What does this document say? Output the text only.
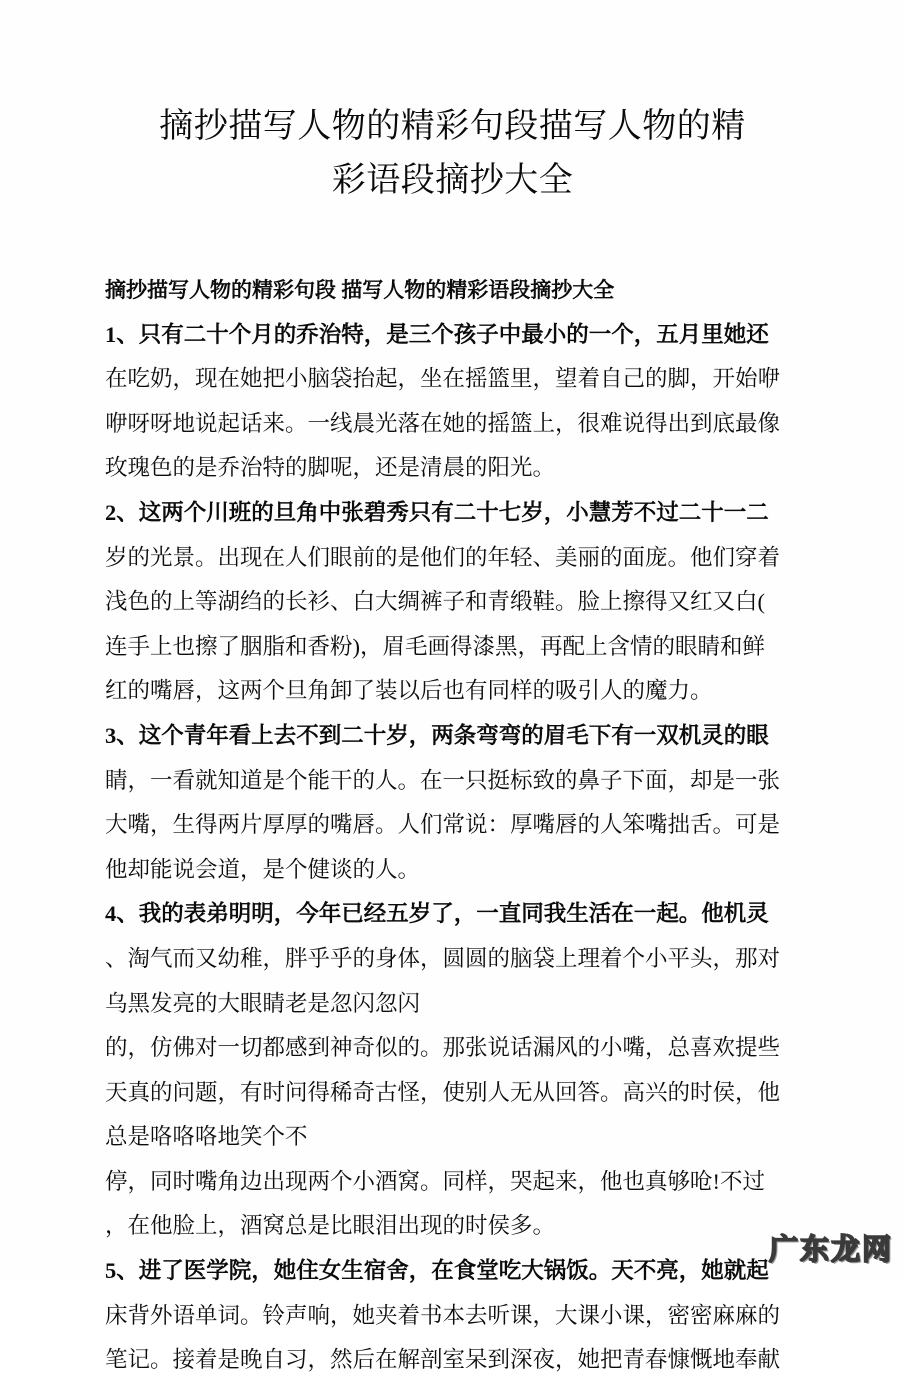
摘抄描写人物的精彩句段描写人物的精
彩语段摘抄大全
摘抄描写人物的精彩句段 描写人物的精彩语段摘抄大全
1、只有二十个月的乔治特，是三个孩子中最小的一个，五月里她还
在吃奶，现在她把小脑袋抬起，坐在摇篮里，望着自己的脚，开始咿
咿呀呀地说起话来。一线晨光落在她的摇篮上，很难说得出到底最像
玫瑰色的是乔治特的脚呢，还是清晨的阳光。
2、这两个川班的旦角中张碧秀只有二十七岁，小慧芳不过二十一二
岁的光景。出现在人们眼前的是他们的年轻、美丽的面庞。他们穿着
浅色的上等湖绉的长衫、白大绸裤子和青缎鞋。脸上擦得又红又白(
连手上也擦了胭脂和香粉)，眉毛画得漆黑，再配上含情的眼睛和鲜
红的嘴唇，这两个旦角卸了装以后也有同样的吸引人的魔力。
3、这个青年看上去不到二十岁，两条弯弯的眉毛下有一双机灵的眼
睛，一看就知道是个能干的人。在一只挺标致的鼻子下面，却是一张
大嘴，生得两片厚厚的嘴唇。人们常说：厚嘴唇的人笨嘴拙舌。可是
他却能说会道，是个健谈的人。
4、我的表弟明明，今年已经五岁了，一直同我生活在一起。他机灵
、淘气而又幼稚，胖乎乎的身体，圆圆的脑袋上理着个小平头，那对
乌黑发亮的大眼睛老是忽闪忽闪
的，仿佛对一切都感到神奇似的。那张说话漏风的小嘴，总喜欢提些
天真的问题，有时问得稀奇古怪，使别人无从回答。高兴的时侯，他
总是咯咯咯地笑个不
停，同时嘴角边出现两个小酒窝。同样，哭起来，他也真够呛!不过
，在他脸上，酒窝总是比眼泪出现的时侯多。
5、进了医学院，她住女生宿舍，在食堂吃大锅饭。天不亮，她就起
床背外语单词。铃声响，她夹着书本去听课，大课小课，密密麻麻的
笔记。接着是晚自习，然后在解剖室呆到深夜，她把青春慷慨地奉献
广东龙网
